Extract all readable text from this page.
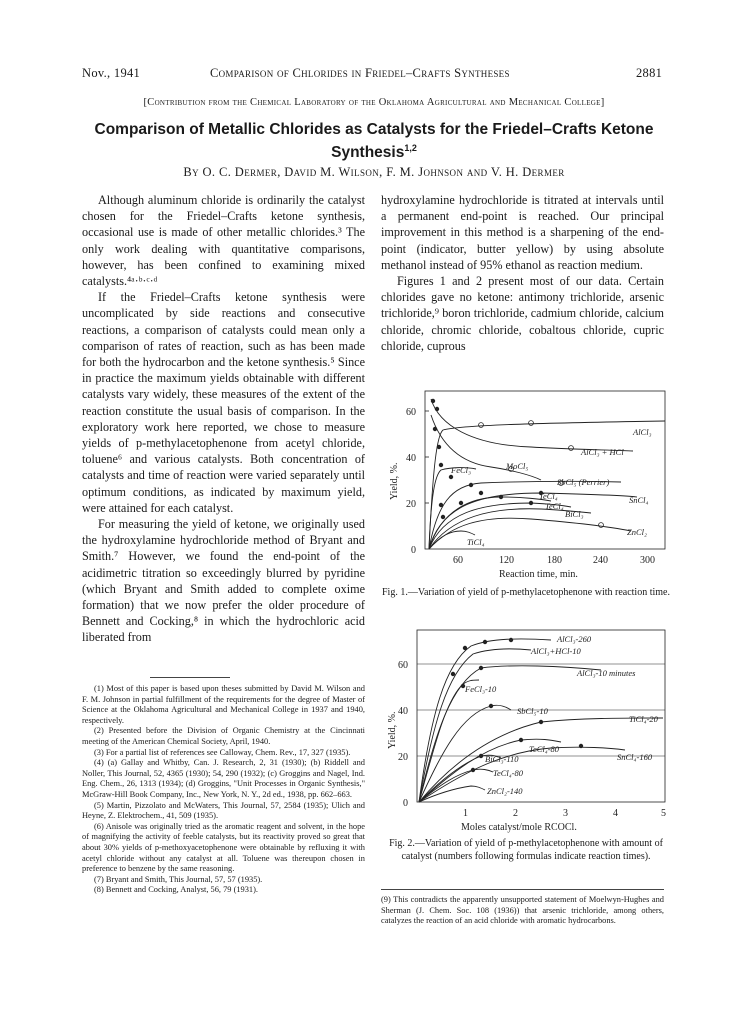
Nov., 1941	Comparison of Chlorides in Friedel–Crafts Syntheses	2881
[Contribution from the Chemical Laboratory of the Oklahoma Agricultural and Mechanical College]
Comparison of Metallic Chlorides as Catalysts for the Friedel–Crafts Ketone Synthesis$^{1,2}$
By O. C. Dermer, David M. Wilson, F. M. Johnson and V. H. Dermer

Although aluminum chloride is ordinarily the catalyst chosen for the Friedel–Crafts ketone synthesis, occasional use is made of other metallic chlorides.³ The only work dealing with quantitative comparisons, however, has been confined to examining mixed catalysts.⁴ᵃ·ᵇ·ᶜ·ᵈ

If the Friedel–Crafts ketone synthesis were uncomplicated by side reactions and consecutive reactions, a comparison of catalysts could mean only a comparison of rates of reaction, such as has been made for both the hydrocarbon and the ketone synthesis.⁵ Since in practice the maximum yields obtainable with different catalysts vary widely, these measures of the extent of the reaction constitute the usual basis of comparison. In the exploratory work here reported, we chose to measure yields of p-methylacetophenone from acetyl chloride, toluene⁶ and various catalysts. Both concentration of catalysts and time of reaction were varied separately until optimum conditions, as indicated by maximum yield, were attained for each catalyst.

For measuring the yield of ketone, we originally used the hydroxylamine hydrochloride method of Bryant and Smith.⁷ However, we found the end-point of the acidimetric titration so exceedingly blurred by pyridine (which Bryant and Smith added to complete oxime formation) that we now prefer the older procedure of Bennett and Cocking,⁸ in which the hydrochloric acid liberated from

(1) Most of this paper is based upon theses submitted by David M. Wilson and F. M. Johnson in partial fulfillment of the requirements for the degree of Master of Science at the Oklahoma Agricultural and Mechanical College in 1937 and 1940, respectively.

(2) Presented before the Division of Organic Chemistry at the Cincinnati meeting of the American Chemical Society, April, 1940.

(3) For a partial list of references see Calloway, Chem. Rev., 17, 327 (1935).

(4) (a) Gallay and Whitby, Can. J. Research, 2, 31 (1930); (b) Riddell and Noller, This Journal, 52, 4365 (1930); 54, 290 (1932); (c) Groggins and Nagel, Ind. Eng. Chem., 26, 1313 (1934); (d) Groggins, "Unit Processes in Organic Synthesis," McGraw-Hill Book Company, Inc., New York, N. Y., 2d ed., 1938, pp. 662–663.

(5) Martin, Pizzolato and McWaters, This Journal, 57, 2584 (1935); Ulich and Heyne, Z. Elektrochem., 41, 509 (1935).

(6) Anisole was originally tried as the aromatic reagent and solvent, in the hope of magnifying the activity of feeble catalysts, but its reactivity proved so great that about 30% yields of p-methoxyacetophenone were obtainable by refluxing it with acetyl chloride without any catalyst at all. Toluene was thereupon chosen in preference to benzene by the same reasoning.

(7) Bryant and Smith, This Journal, 57, 57 (1935).

(8) Bennett and Cocking, Analyst, 56, 79 (1931).

hydroxylamine hydrochloride is titrated at intervals until a permanent end-point is reached. Our principal improvement in this method is a sharpening of the end-point (indicator, butter yellow) by using absolute methanol instead of 95% ethanol as reaction medium.

Figures 1 and 2 present most of our data. Certain chlorides gave no ketone: antimony trichloride, arsenic trichloride,⁹ boron trichloride, cadmium chloride, calcium chloride, chromic chloride, cobaltous chloride, cupric chloride, cuprous

0
20
40
60
60	120	180	240	300
Reaction time, min.
Yield, %.
AlCl₃
AlCl₃ + HCl
MoCl₅
FeCl₃
SbCl₅ (Perrier)
TeCl₄
TeCl₄
SnCl₄
BiCl₃
ZnCl₂
TiCl₄
Fig. 1.—Variation of yield of p-methylacetophenone with reaction time.
0
20
40
60
1	2	3	4	5
Moles catalyst/mole RCOCl.
Yield, %.
AlCl₃-260
AlCl₃+HCl-10
AlCl₃-10 minutes
FeCl₃-10
SbCl₅-10
TiCl₄-20
TeCl₄-80
BiCl₃-110	SnCl₄-160
TeCl₄-80
ZnCl₂-140
Fig. 2.—Variation of yield of p-methylacetophenone with amount of catalyst (numbers following formulas indicate reaction times).
(9) This contradicts the apparently unsupported statement of Moelwyn-Hughes and Sherman (J. Chem. Soc. 108 (1936)) that arsenic trichloride, among others, catalyzes the reaction of an acid chloride with aromatic hydrocarbons.
